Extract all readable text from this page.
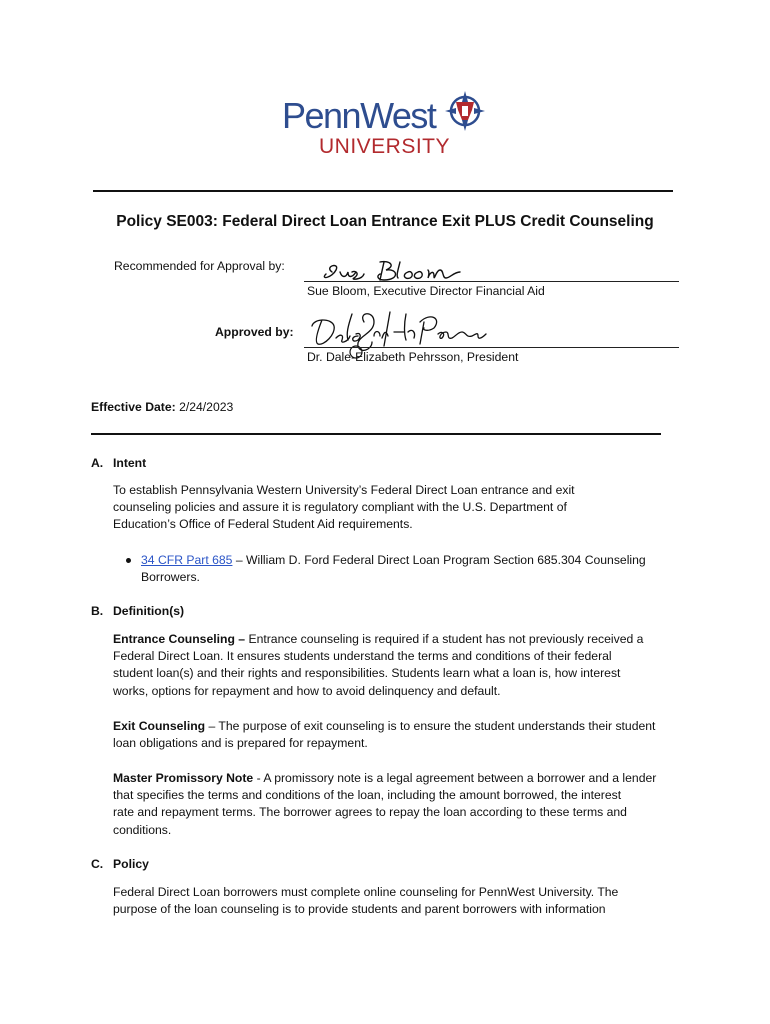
PennWest
UNIVERSITY
Policy SE003: Federal Direct Loan Entrance Exit PLUS Credit Counseling
Recommended for Approval by:
Sue Bloom, Executive Director Financial Aid
Approved by:
Dr. Dale-Elizabeth Pehrsson, President
Effective Date: 2/24/2023
A. Intent
To establish Pennsylvania Western University’s Federal Direct Loan entrance and exit
counseling policies and assure it is regulatory compliant with the U.S. Department of
Education’s Office of Federal Student Aid requirements.
34 CFR Part 685 – William D. Ford Federal Direct Loan Program Section 685.304 Counseling
Borrowers.
B. Definition(s)
Entrance Counseling – Entrance counseling is required if a student has not previously received a
Federal Direct Loan. It ensures students understand the terms and conditions of their federal
student loan(s) and their rights and responsibilities. Students learn what a loan is, how interest
works, options for repayment and how to avoid delinquency and default.
Exit Counseling – The purpose of exit counseling is to ensure the student understands their student
loan obligations and is prepared for repayment.
Master Promissory Note - A promissory note is a legal agreement between a borrower and a lender
that specifies the terms and conditions of the loan, including the amount borrowed, the interest
rate and repayment terms. The borrower agrees to repay the loan according to these terms and
conditions.
C. Policy
Federal Direct Loan borrowers must complete online counseling for PennWest University. The
purpose of the loan counseling is to provide students and parent borrowers with information
